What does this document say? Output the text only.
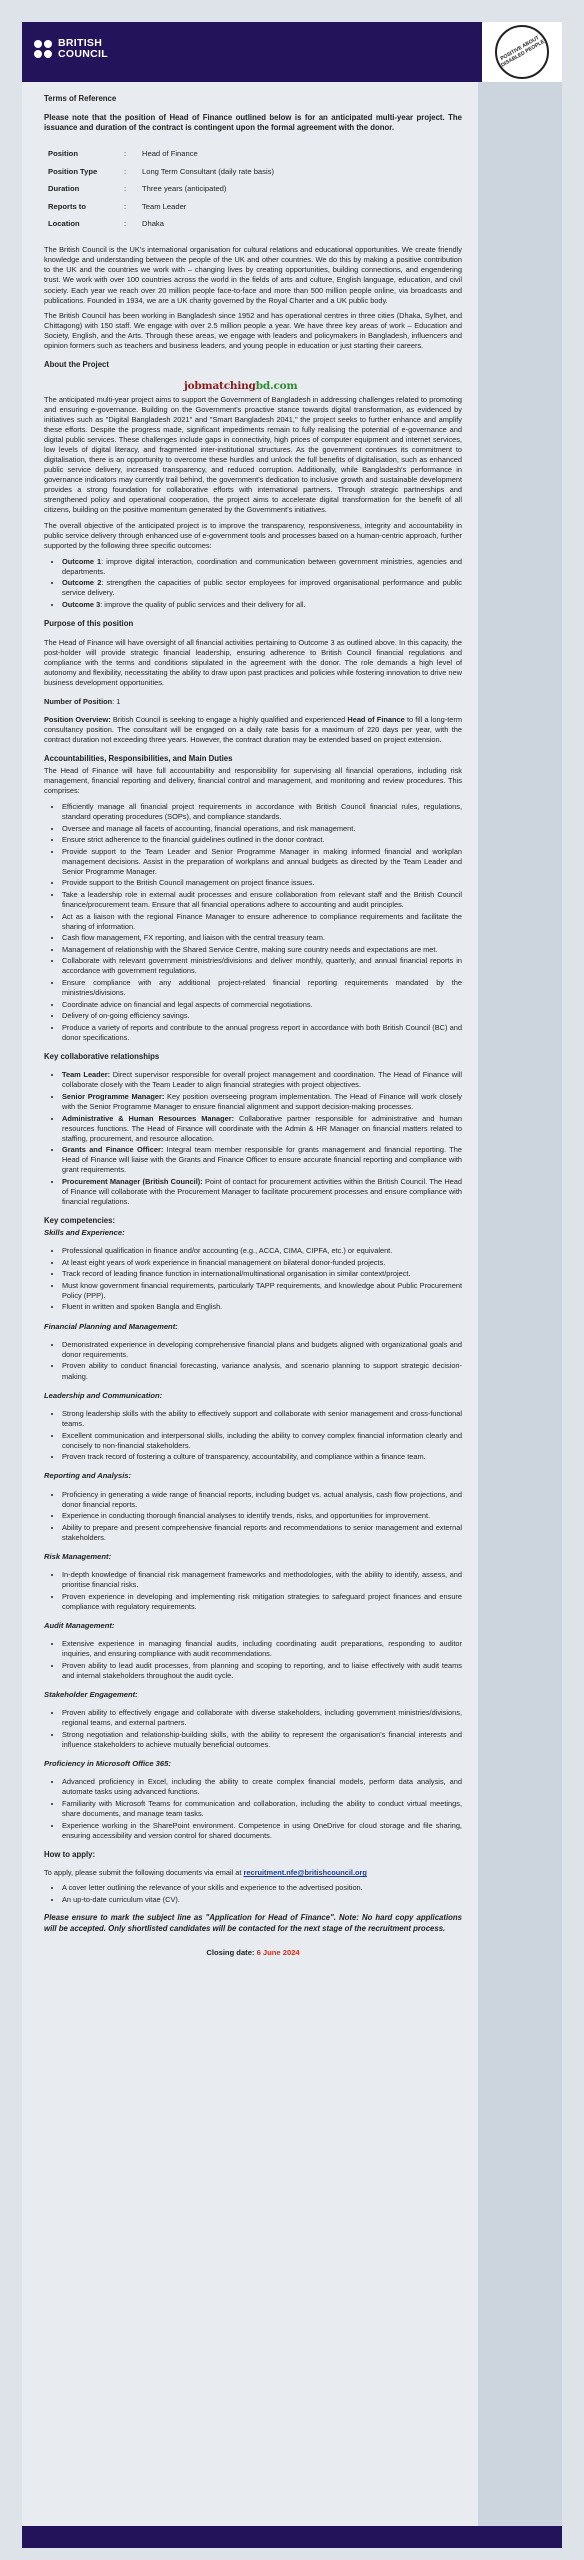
BRITISH
COUNCIL	POSITIVE ABOUT DISABLED PEOPLE
Terms of Reference

Please note that the position of Head of Finance outlined below is for an anticipated multi-year project. The issuance and duration of the contract is contingent upon the formal agreement with the donor.

Position	:	Head of Finance
Position Type	:	Long Term Consultant (daily rate basis)
Duration	:	Three years (anticipated)
Reports to	:	Team Leader
Location	:	Dhaka

The British Council is the UK's international organisation for cultural relations and educational opportunities. We create friendly knowledge and understanding between the people of the UK and other countries. We do this by making a positive contribution to the UK and the countries we work with – changing lives by creating opportunities, building connections, and engendering trust. We work with over 100 countries across the world in the fields of arts and culture, English language, education, and civil society. Each year we reach over 20 million people face-to-face and more than 500 million people online, via broadcasts and publications. Founded in 1934, we are a UK charity governed by the Royal Charter and a UK public body.

The British Council has been working in Bangladesh since 1952 and has operational centres in three cities (Dhaka, Sylhet, and Chittagong) with 150 staff. We engage with over 2.5 million people a year. We have three key areas of work – Education and Society, English, and the Arts. Through these areas, we engage with leaders and policymakers in Bangladesh, influencers and opinion formers such as teachers and business leaders, and young people in education or just starting their careers.

About the Project
jobmatchingbd.com

The anticipated multi-year project aims to support the Government of Bangladesh in addressing challenges related to promoting and ensuring e-governance. Building on the Government's proactive stance towards digital transformation, as evidenced by initiatives such as "Digital Bangladesh 2021" and "Smart Bangladesh 2041," the project seeks to further enhance and amplify these efforts. Despite the progress made, significant impediments remain to fully realising the potential of e-governance and digital public services. These challenges include gaps in connectivity, high prices of computer equipment and internet services, low levels of digital literacy, and fragmented inter-institutional structures. As the government continues its commitment to digitalisation, there is an opportunity to overcome these hurdles and unlock the full benefits of digitalisation, such as enhanced public service delivery, increased transparency, and reduced corruption. Additionally, while Bangladesh's performance in governance indicators may currently trail behind, the government's dedication to inclusive growth and sustainable development provides a strong foundation for collaborative efforts with international partners. Through strategic partnerships and strengthened policy and operational cooperation, the project aims to accelerate digital transformation for the benefit of all citizens, building on the positive momentum generated by the Government's initiatives.

The overall objective of the anticipated project is to improve the transparency, responsiveness, integrity and accountability in public service delivery through enhanced use of e-government tools and processes based on a human-centric approach, further supported by the following three specific outcomes:

• Outcome 1: improve digital interaction, coordination and communication between government ministries, agencies and departments.
• Outcome 2: strengthen the capacities of public sector employees for improved organisational performance and public service delivery.
• Outcome 3: improve the quality of public services and their delivery for all.
Purpose of this position

The Head of Finance will have oversight of all financial activities pertaining to Outcome 3 as outlined above. In this capacity, the post-holder will provide strategic financial leadership, ensuring adherence to British Council financial regulations and compliance with the terms and conditions stipulated in the agreement with the donor. The role demands a high level of autonomy and flexibility, necessitating the ability to draw upon past practices and policies while fostering innovation to drive new business development opportunities.

Number of Position: 1

Position Overview: British Council is seeking to engage a highly qualified and experienced Head of Finance to fill a long-term consultancy position. The consultant will be engaged on a daily rate basis for a maximum of 220 days per year, with the contract duration not exceeding three years. However, the contract duration may be extended based on project extension.

Accountabilities, Responsibilities, and Main Duties

The Head of Finance will have full accountability and responsibility for supervising all financial operations, including risk management, financial reporting and delivery, financial control and management, and monitoring and review procedures. This comprises:

• Efficiently manage all financial project requirements in accordance with British Council financial rules, regulations, standard operating procedures (SOPs), and compliance standards.
• Oversee and manage all facets of accounting, financial operations, and risk management.
• Ensure strict adherence to the financial guidelines outlined in the donor contract.
• Provide support to the Team Leader and Senior Programme Manager in making informed financial and workplan management decisions. Assist in the preparation of workplans and annual budgets as directed by the Team Leader and Senior Programme Manager.
• Provide support to the British Council management on project finance issues.
• Take a leadership role in external audit processes and ensure collaboration from relevant staff and the British Council finance/procurement team. Ensure that all financial operations adhere to accounting and audit principles.
• Act as a liaison with the regional Finance Manager to ensure adherence to compliance requirements and facilitate the sharing of information.
• Cash flow management, FX reporting, and liaison with the central treasury team.
• Management of relationship with the Shared Service Centre, making sure country needs and expectations are met.
• Collaborate with relevant government ministries/divisions and deliver monthly, quarterly, and annual financial reports in accordance with government regulations.
• Ensure compliance with any additional project-related financial reporting requirements mandated by the ministries/divisions.
• Coordinate advice on financial and legal aspects of commercial negotiations.
• Delivery of on-going efficiency savings.
• Produce a variety of reports and contribute to the annual progress report in accordance with both British Council (BC) and donor specifications.
Key collaborative relationships
• Team Leader: Direct supervisor responsible for overall project management and coordination. The Head of Finance will collaborate closely with the Team Leader to align financial strategies with project objectives.
• Senior Programme Manager: Key position overseeing program implementation. The Head of Finance will work closely with the Senior Programme Manager to ensure financial alignment and support decision-making processes.
• Administrative & Human Resources Manager: Collaborative partner responsible for administrative and human resources functions. The Head of Finance will coordinate with the Admin & HR Manager on financial matters related to staffing, procurement, and resource allocation.
• Grants and Finance Officer: Integral team member responsible for grants management and financial reporting. The Head of Finance will liaise with the Grants and Finance Officer to ensure accurate financial reporting and compliance with grant requirements.
• Procurement Manager (British Council): Point of contact for procurement activities within the British Council. The Head of Finance will collaborate with the Procurement Manager to facilitate procurement processes and ensure compliance with financial regulations.
Key competencies:
Skills and Experience:
• Professional qualification in finance and/or accounting (e.g., ACCA, CIMA, CIPFA, etc.) or equivalent.
• At least eight years of work experience in financial management on bilateral donor-funded projects.
• Track record of leading finance function in international/multinational organisation in similar context/project.
• Must know government financial requirements, particularly TAPP requirements, and knowledge about Public Procurement Policy (PPP).
• Fluent in written and spoken Bangla and English.
Financial Planning and Management:
• Demonstrated experience in developing comprehensive financial plans and budgets aligned with organizational goals and donor requirements.
• Proven ability to conduct financial forecasting, variance analysis, and scenario planning to support strategic decision-making.
Leadership and Communication:
• Strong leadership skills with the ability to effectively support and collaborate with senior management and cross-functional teams.
• Excellent communication and interpersonal skills, including the ability to convey complex financial information clearly and concisely to non-financial stakeholders.
• Proven track record of fostering a culture of transparency, accountability, and compliance within a finance team.
Reporting and Analysis:
• Proficiency in generating a wide range of financial reports, including budget vs. actual analysis, cash flow projections, and donor financial reports.
• Experience in conducting thorough financial analyses to identify trends, risks, and opportunities for improvement.
• Ability to prepare and present comprehensive financial reports and recommendations to senior management and external stakeholders.
Risk Management:
• In-depth knowledge of financial risk management frameworks and methodologies, with the ability to identify, assess, and prioritise financial risks.
• Proven experience in developing and implementing risk mitigation strategies to safeguard project finances and ensure compliance with regulatory requirements.
Audit Management:
• Extensive experience in managing financial audits, including coordinating audit preparations, responding to auditor inquiries, and ensuring compliance with audit recommendations.
• Proven ability to lead audit processes, from planning and scoping to reporting, and to liaise effectively with audit teams and internal stakeholders throughout the audit cycle.
Stakeholder Engagement:
• Proven ability to effectively engage and collaborate with diverse stakeholders, including government ministries/divisions, regional teams, and external partners.
• Strong negotiation and relationship-building skills, with the ability to represent the organisation's financial interests and influence stakeholders to achieve mutually beneficial outcomes.
Proficiency in Microsoft Office 365:
• Advanced proficiency in Excel, including the ability to create complex financial models, perform data analysis, and automate tasks using advanced functions.
• Familiarity with Microsoft Teams for communication and collaboration, including the ability to conduct virtual meetings, share documents, and manage team tasks.
• Experience working in the SharePoint environment. Competence in using OneDrive for cloud storage and file sharing, ensuring accessibility and version control for shared documents.
How to apply:

To apply, please submit the following documents via email at recruitment.nfe@britishcouncil.org

• A cover letter outlining the relevance of your skills and experience to the advertised position.
• An up-to-date curriculum vitae (CV).

Please ensure to mark the subject line as "Application for Head of Finance". Note: No hard copy applications will be accepted. Only shortlisted candidates will be contacted for the next stage of the recruitment process.

Closing date: 6 June 2024
